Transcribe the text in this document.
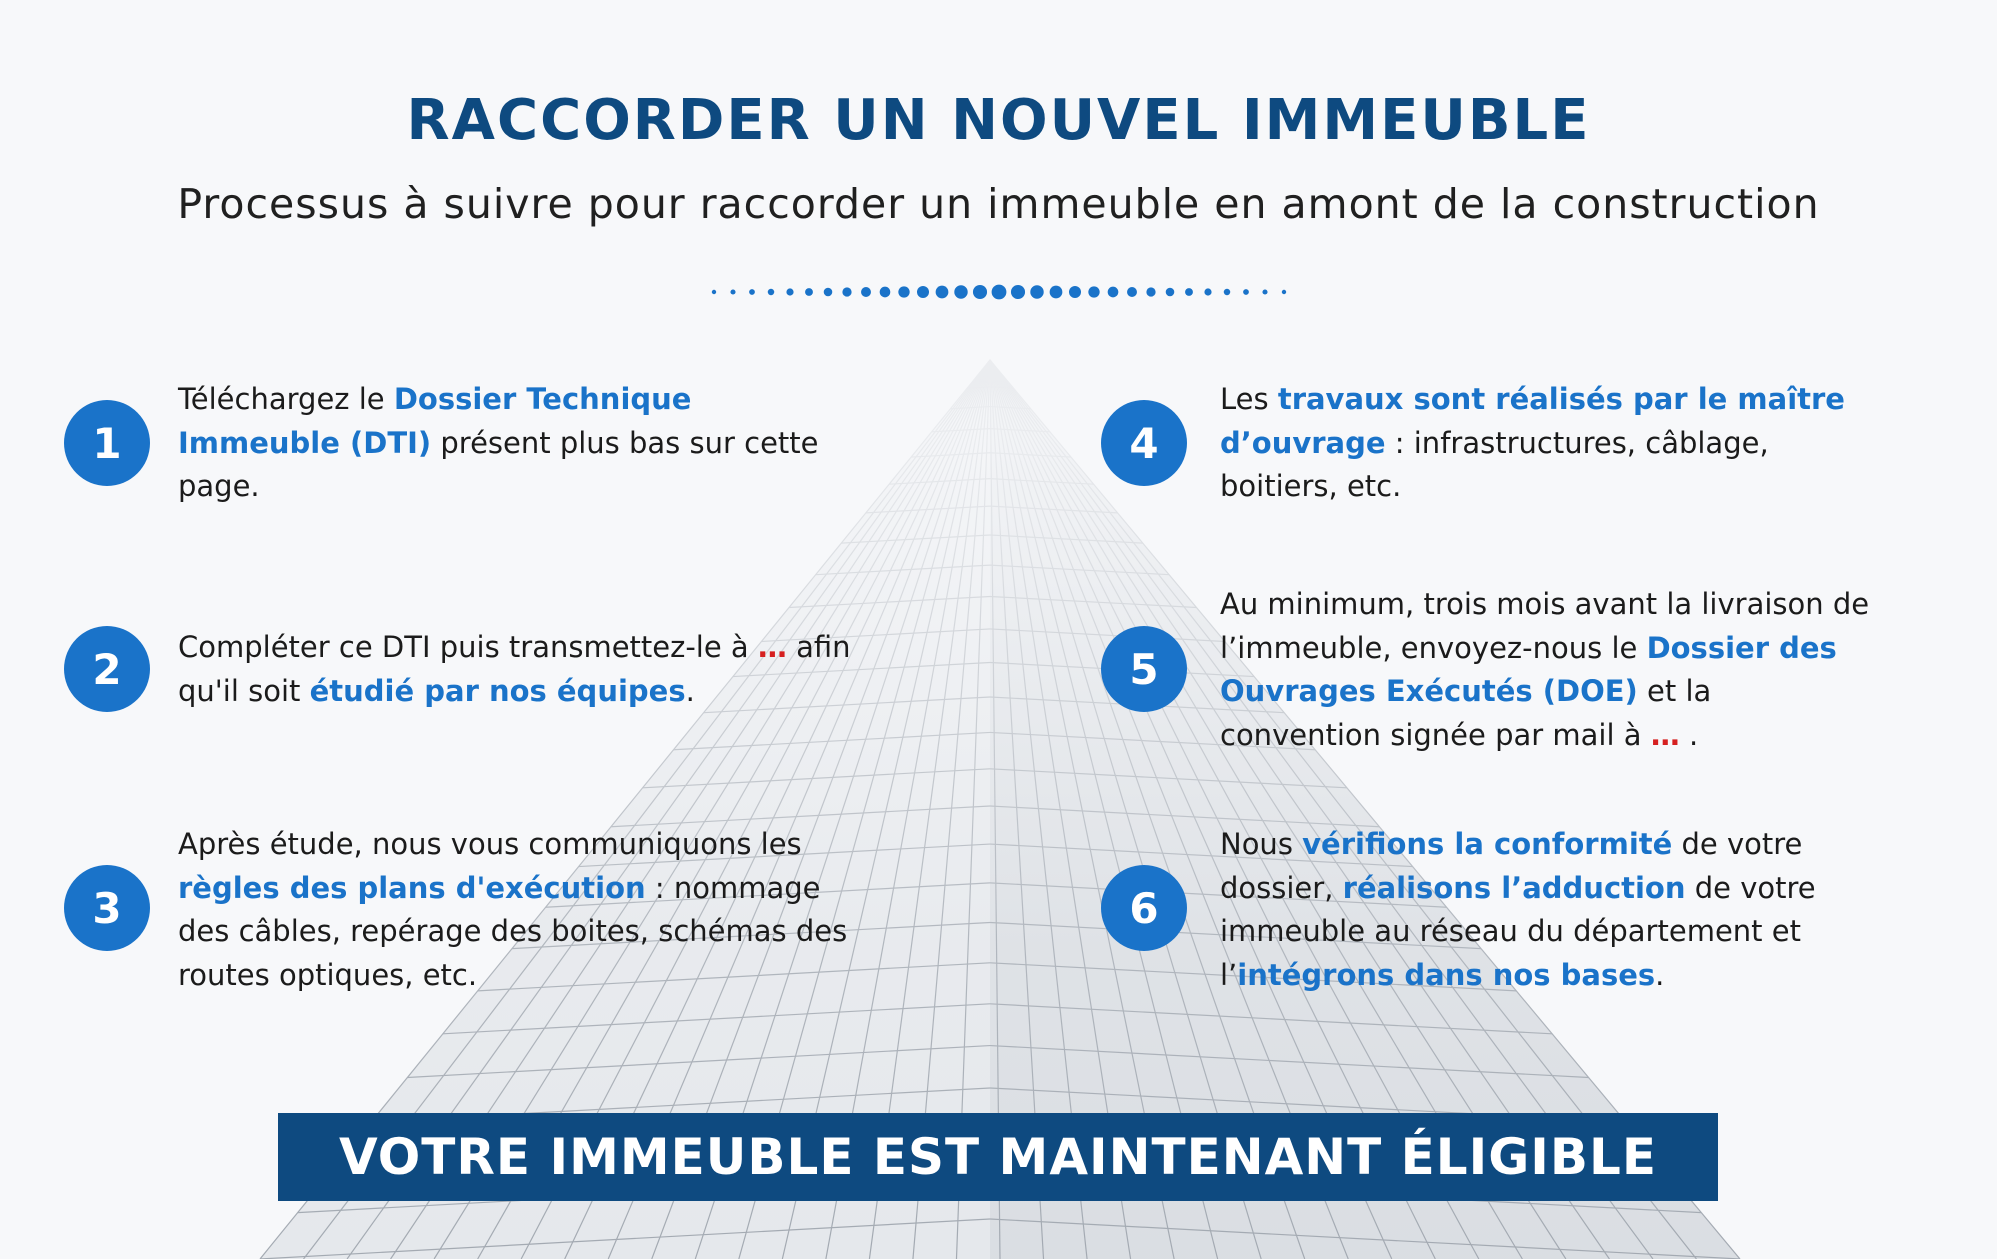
RACCORDER UN NOUVEL IMMEUBLE
Processus à suivre pour raccorder un immeuble en amont de la construction
1
Téléchargez le Dossier Technique Immeuble (DTI) présent plus bas sur cette page.
2	Compléter ce DTI puis transmettez-le à … afin qu'il soit étudié par nos équipes.
3
Après étude, nous vous communiquons les règles des plans d'exécution : nommage des câbles, repérage des boites, schémas des routes optiques, etc.
4
Les travaux sont réalisés par le maître d’ouvrage : infrastructures, câblage, boitiers, etc.
5
Au minimum, trois mois avant la livraison de l’immeuble, envoyez-nous le Dossier des Ouvrages Exécutés (DOE) et la convention signée par mail à … .
6
Nous vérifions la conformité de votre dossier, réalisons l’adduction de votre immeuble au réseau du département et l’intégrons dans nos bases.
VOTRE IMMEUBLE EST MAINTENANT ÉLIGIBLE
